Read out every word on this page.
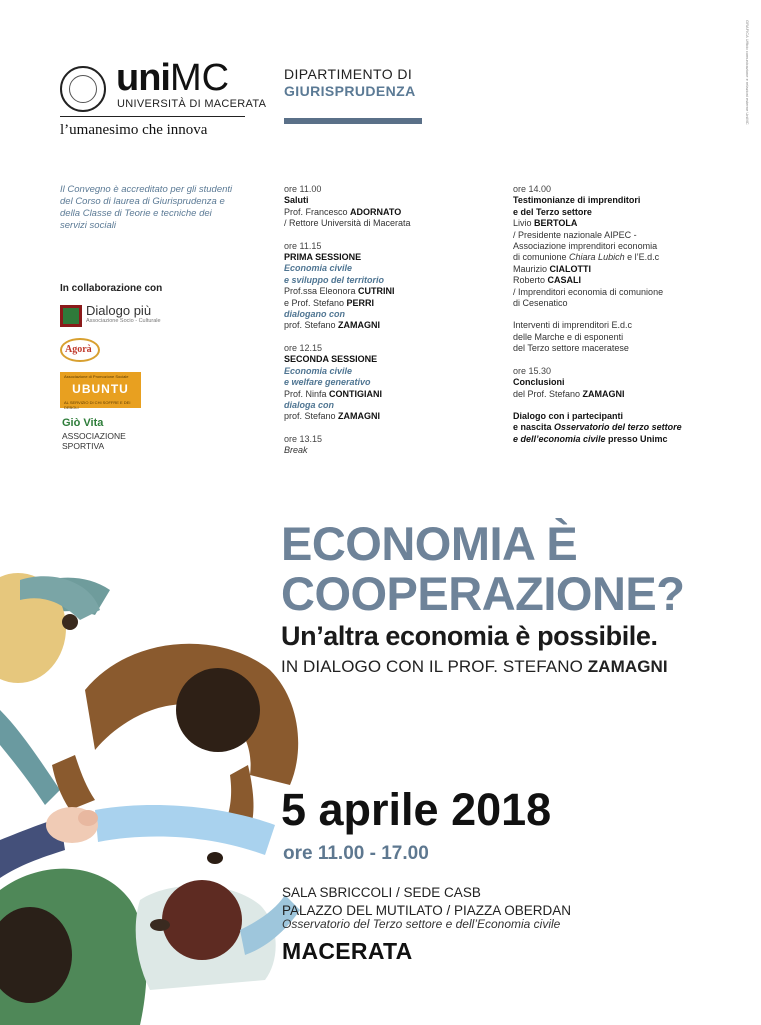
uniMC
UNIVERSITÀ DI MACERATA
l’umanesimo che innova
DIPARTIMENTO DI
GIURISPRUDENZA	GRAFICA Ufficio comunicazione e relazioni esterne UniMC
Il Convegno è accreditato per gli studenti del Corso di laurea di Giurisprudenza e della Classe di Teorie e tecniche dei servizi sociali
In collaborazione con
Dialogo più
Associazione Socio - Culturale
Agorà
Associazione di Promozione Sociale
UBUNTU
AL SERVIZIO DI CHI SOFFRE E DEI DEBOLI
Giò Vita
ASSOCIAZIONE
SPORTIVA
ore 11.00
Saluti
Prof. Francesco ADORNATO
/ Rettore Università di Macerata
ore 11.15
PRIMA SESSIONE
Economia civile
e sviluppo del territorio
Prof.ssa Eleonora CUTRINI
e Prof. Stefano PERRI
dialogano con
prof. Stefano ZAMAGNI
ore 12.15
SECONDA SESSIONE
Economia civile
e welfare generativo
Prof. Ninfa CONTIGIANI
dialoga con
prof. Stefano ZAMAGNI
ore 13.15
Break
ore 14.00
Testimonianze di imprenditori
e del Terzo settore
Livio BERTOLA
/ Presidente nazionale AIPEC -
Associazione imprenditori economia
di comunione Chiara Lubich e l’E.d.c
Maurizio CIALOTTI
Roberto CASALI
/ Imprenditori economia di comunione
di Cesenatico
Interventi di imprenditori E.d.c
delle Marche e di esponenti
del Terzo settore maceratese
ore 15.30
Conclusioni
del Prof. Stefano ZAMAGNI
Dialogo con i partecipanti
e nascita Osservatorio del terzo settore
e dell’economia civile presso Unimc
ECONOMIA È
COOPERAZIONE?
Un’altra economia è possibile.
IN DIALOGO CON IL PROF. STEFANO ZAMAGNI
5 aprile 2018
ore 11.00 - 17.00
SALA SBRICCOLI / SEDE CASB
PALAZZO DEL MUTILATO / PIAZZA OBERDAN
Osservatorio del Terzo settore e dell’Economia civile
MACERATA
